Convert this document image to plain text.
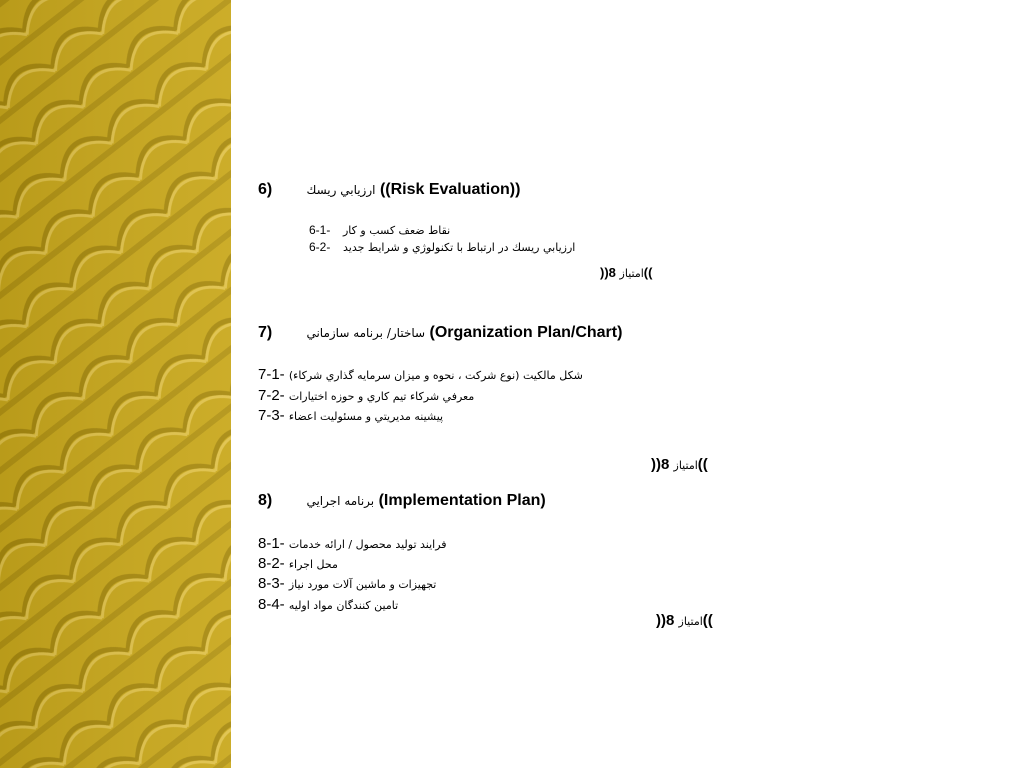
6)	ارزيابي ريسك ((Risk Evaluation))
6-1- نقاط ضعف كسب و كار
6-2- ارزيابي ريسك در ارتباط با تكنولوژي و شرايط جديد
))8 امتياز((
7)	ساختار/ برنامه سازماني (Organization Plan/Chart)
7-1- شكل مالكيت (نوع شركت ، نحوه و ميزان سرمايه گذاري شركاء)
7-2- معرفي شركاء تيم كاري و حوزه اختيارات
7-3- پيشينه مديريتي و مسئوليت اعضاء
))8 امتياز((
8)	برنامه اجرايي (Implementation Plan)
8-1- فرايند توليد محصول / ارائه خدمات
8-2- محل اجراء
8-3- تجهيزات و ماشين آلات مورد نياز
8-4- تامين كنندگان مواد اوليه
))8 امتياز((
